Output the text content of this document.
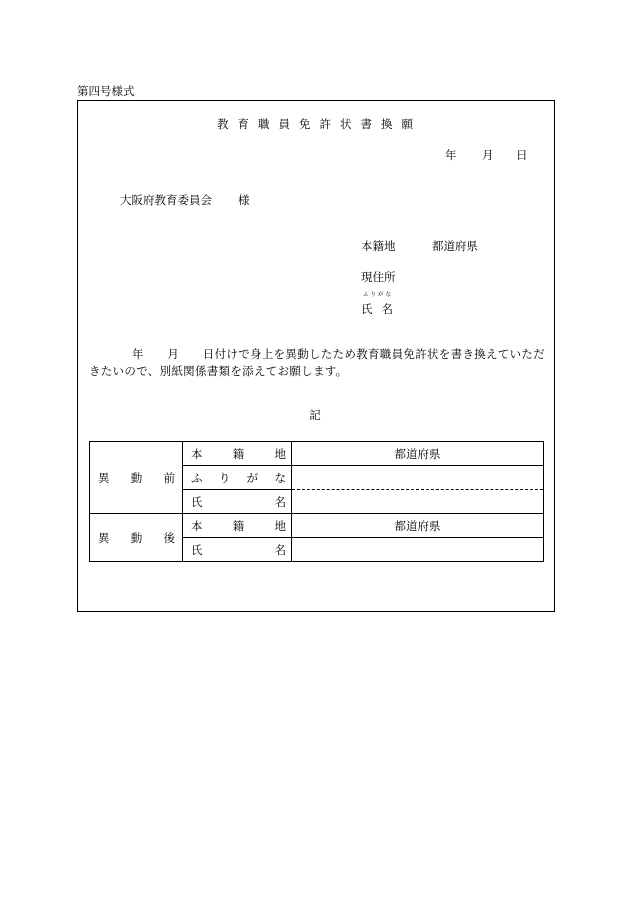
第四号様式
教育職員免許状書換願
年 月 日
大阪府教育委員会 様
本籍地	都道府県
現住所
ふりがな
氏名
年　　月　　日付けで身上を異動したため教育職員免許状を書き換えていただ
きたいので、別紙関係書類を添えてお願します。
記
異動前	本籍地	都道府県
	ふりがな	
	氏名	
異動後	本籍地	都道府県
	氏名	
